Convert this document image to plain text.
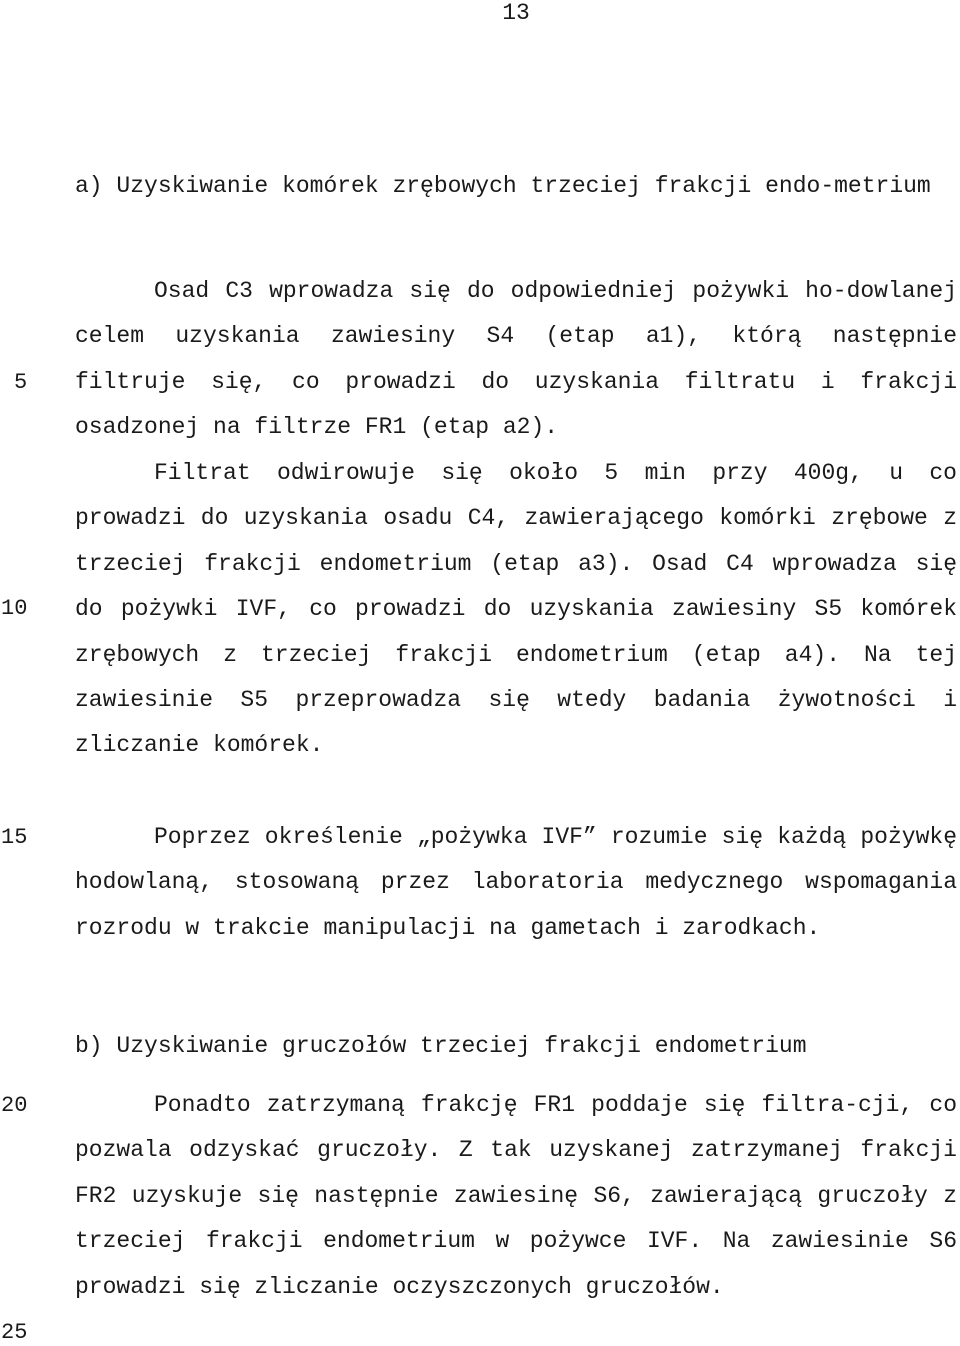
13
5
10
15
20
25
a) Uzyskiwanie komórek zrębowych trzeciej frakcji endo-metrium
Osad C3 wprowadza się do odpowiedniej pożywki ho-dowlanej celem uzyskania zawiesiny S4 (etap a1), którą następnie filtruje się, co prowadzi do uzyskania filtratu i frakcji osadzonej na filtrze FR1 (etap a2).
Filtrat odwirowuje się około 5 min przy 400g, u co prowadzi do uzyskania osadu C4, zawierającego komórki zrębowe z trzeciej frakcji endometrium (etap a3). Osad C4 wprowadza się do pożywki IVF, co prowadzi do uzyskania zawiesiny S5 komórek zrębowych z trzeciej frakcji endometrium (etap a4). Na tej zawiesinie S5 przeprowadza się wtedy badania żywotności i zliczanie komórek.
Poprzez określenie „pożywka IVF” rozumie się każdą pożywkę hodowlaną, stosowaną przez laboratoria medycznego wspomagania rozrodu w trakcie manipulacji na gametach i zarodkach.
b) Uzyskiwanie gruczołów trzeciej frakcji endometrium
Ponadto zatrzymaną frakcję FR1 poddaje się filtra-cji, co pozwala odzyskać gruczoły. Z tak uzyskanej zatrzymanej frakcji FR2 uzyskuje się następnie zawiesinę S6, zawierającą gruczoły z trzeciej frakcji endometrium w pożywce IVF. Na zawiesinie S6 prowadzi się zliczanie oczyszczonych gruczołów.
